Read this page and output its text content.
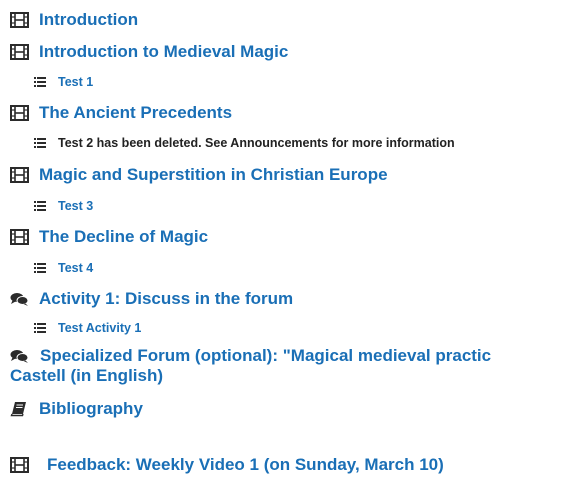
Introduction
Introduction to Medieval Magic
Test 1
The Ancient Precedents
Test 2 has been deleted. See Announcements for more information
Magic and Superstition in Christian Europe
Test 3
The Decline of Magic
Test 4
Activity 1: Discuss in the forum
Test Activity 1
Specialized Forum (optional): "Magical medieval practic
Castell (in English)
Bibliography
Feedback: Weekly Video 1 (on Sunday, March 10)
